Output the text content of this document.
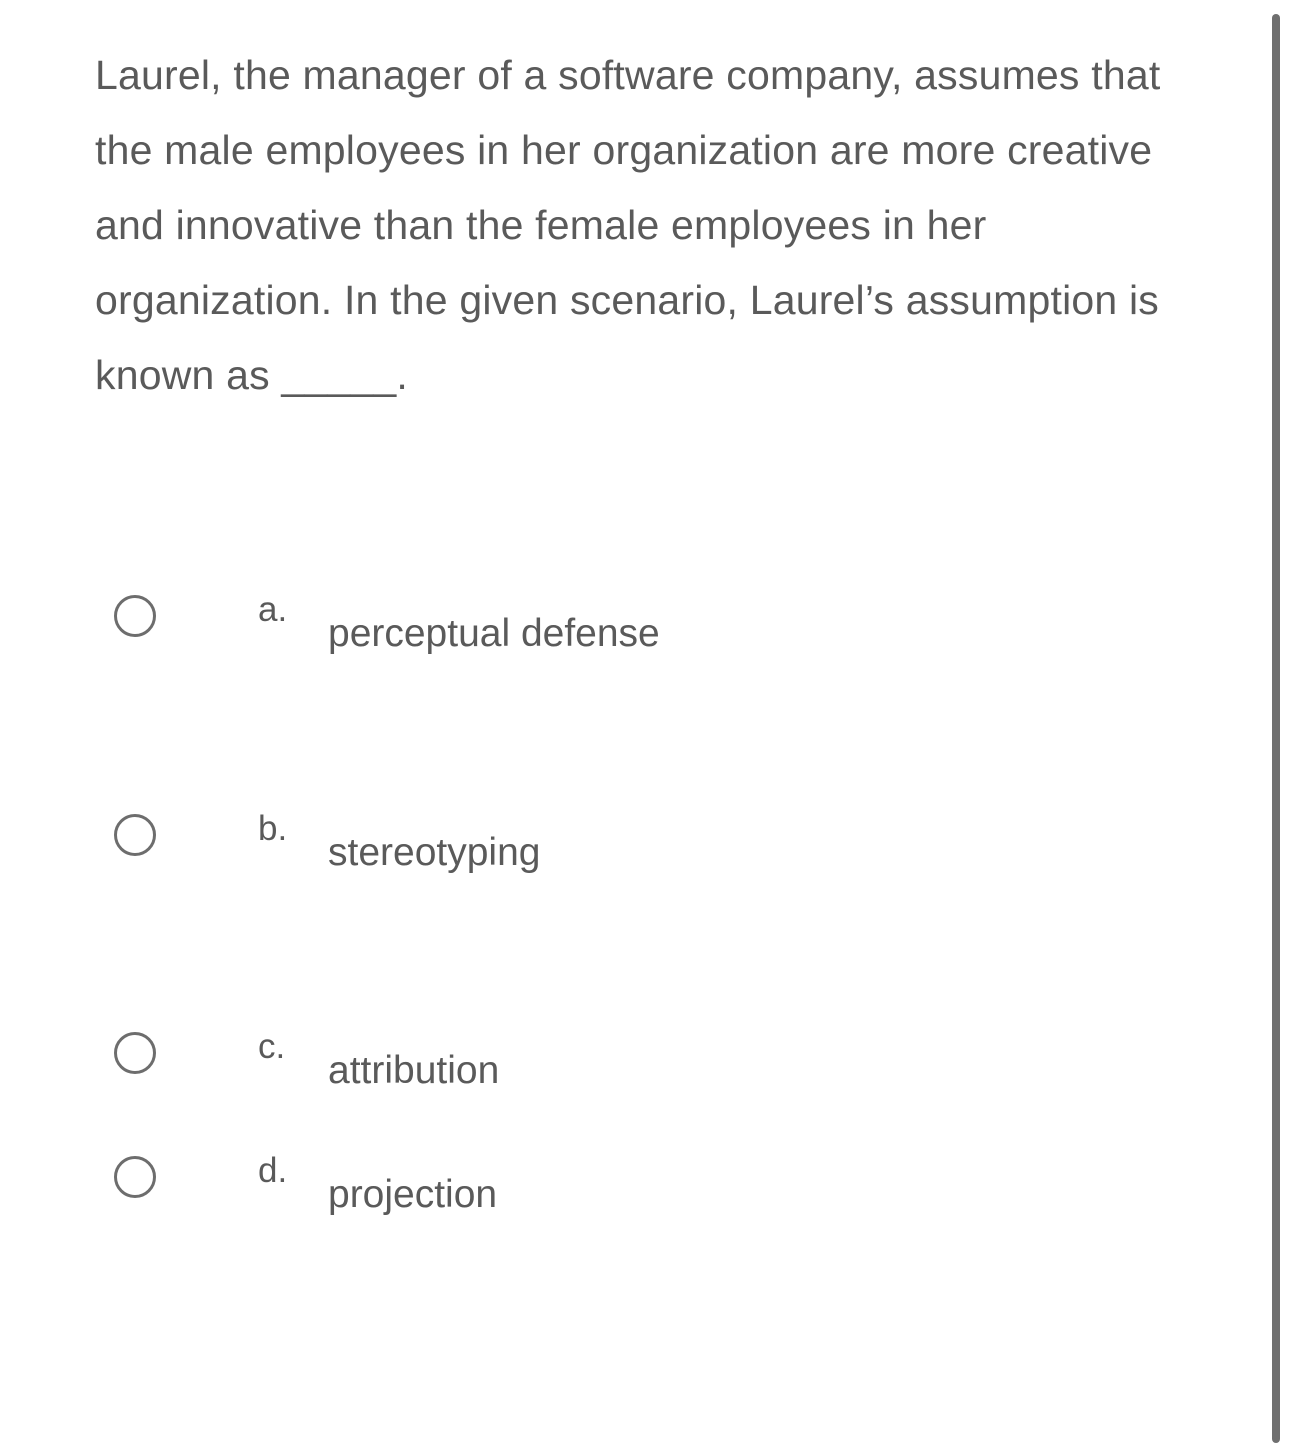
Laurel, the manager of a software company, assumes that the male employees in her organization are more creative and innovative than the female employees in her organization. In the given scenario, Laurel’s assumption is known as _____.

a.
perceptual defense
b.
stereotyping
c.
attribution
d.
projection
